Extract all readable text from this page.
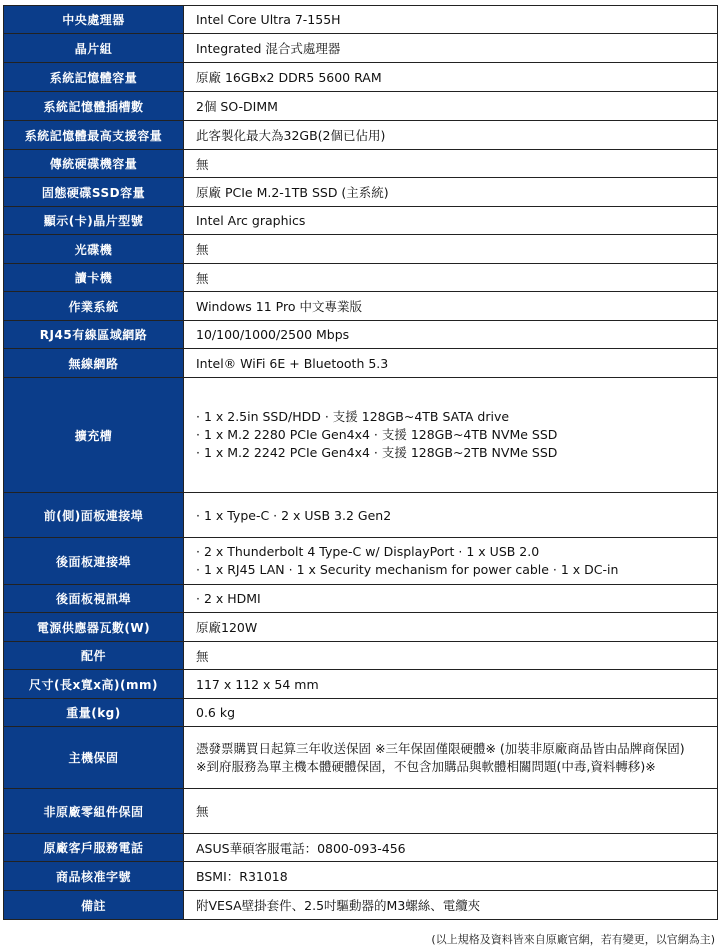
中央處理器	Intel Core Ultra 7-155H
晶片組	Integrated 混合式處理器
系統記憶體容量	原廠 16GBx2 DDR5 5600 RAM
系統記憶體插槽數	2個 SO-DIMM
系統記憶體最高支援容量	此客製化最大為32GB(2個已佔用)
傳統硬碟機容量	無
固態硬碟SSD容量	原廠 PCIe M.2-1TB SSD (主系統)
顯示(卡)晶片型號	Intel Arc graphics
光碟機	無
讀卡機	無
作業系統	Windows 11 Pro 中文專業版
RJ45有線區域網路	10/100/1000/2500 Mbps
無線網路	Intel® WiFi 6E + Bluetooth 5.3
擴充槽	· 1 x 2.5in SSD/HDD · 支援 128GB~4TB SATA drive
· 1 x M.2 2280 PCIe Gen4x4 · 支援 128GB~4TB NVMe SSD
· 1 x M.2 2242 PCIe Gen4x4 · 支援 128GB~2TB NVMe SSD

前(側)面板連接埠	· 1 x Type-C · 2 x USB 3.2 Gen2
後面板連接埠	· 2 x Thunderbolt 4 Type-C w/ DisplayPort · 1 x USB 2.0
· 1 x RJ45 LAN · 1 x Security mechanism for power cable · 1 x DC-in

後面板視訊埠	· 2 x HDMI
電源供應器瓦數(W)	原廠120W
配件	無
尺寸(長x寬x高)(mm)	117 x 112 x 54 mm
重量(kg)	0.6 kg
主機保固	憑發票購買日起算三年收送保固 ※三年保固僅限硬體※ (加裝非原廠商品皆由品牌商保固)
※到府服務為單主機本體硬體保固，不包含加購品與軟體相關問題(中毒,資料轉移)※

非原廠零組件保固	無
原廠客戶服務電話	ASUS華碩客服電話：0800-093-456
商品核准字號	BSMI：R31018
備註	附VESA壁掛套件、2.5吋驅動器的M3螺絲、電纜夾
(以上規格及資料皆來自原廠官網，若有變更，以官網為主)
